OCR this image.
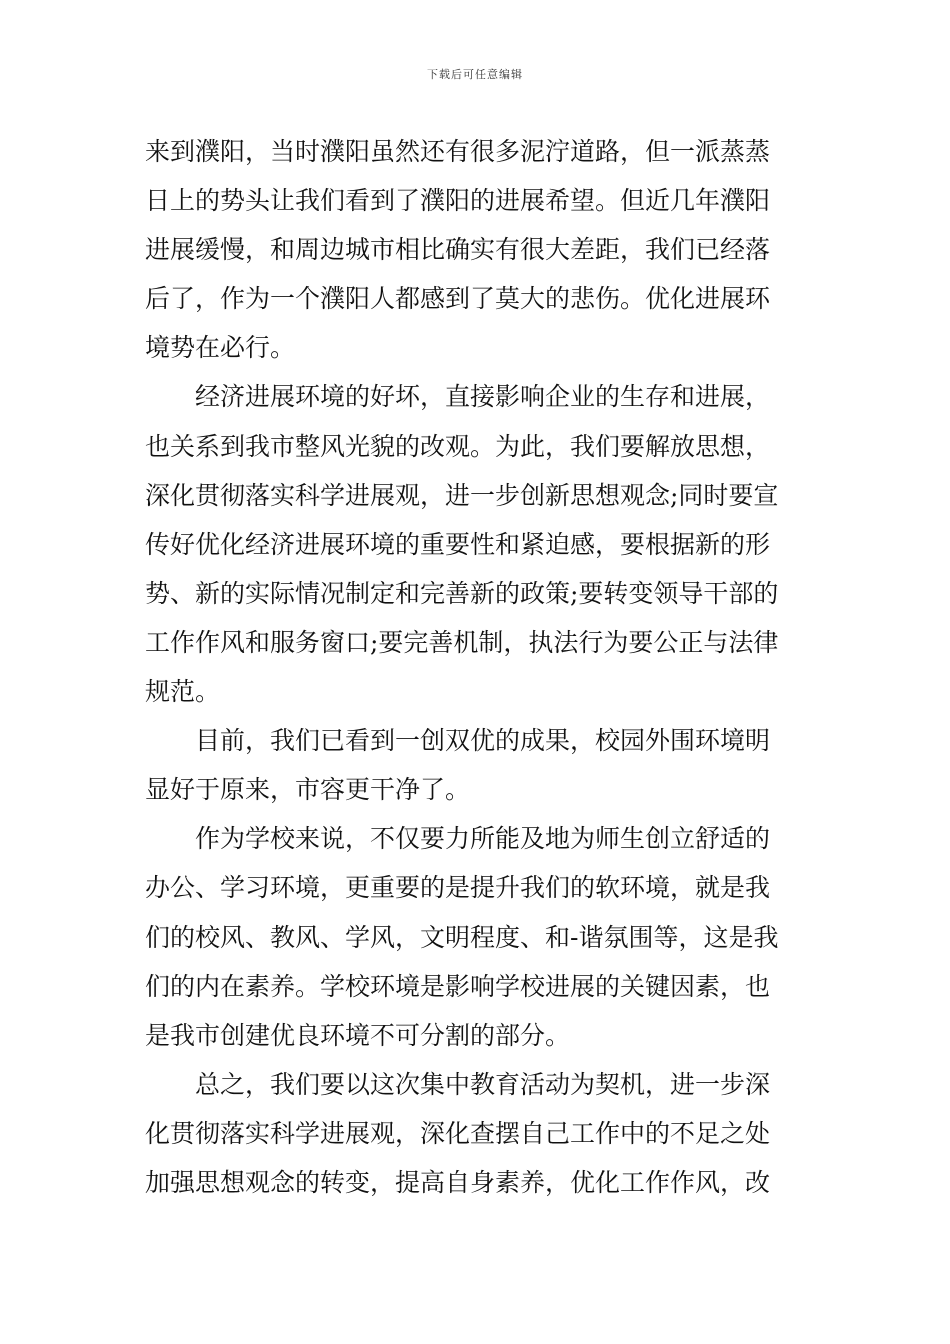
下载后可任意编辑
来到濮阳，当时濮阳虽然还有很多泥泞道路，但一派蒸蒸
日上的势头让我们看到了濮阳的进展希望。但近几年濮阳
进展缓慢，和周边城市相比确实有很大差距，我们已经落
后了，作为一个濮阳人都感到了莫大的悲伤。优化进展环
境势在必行。
经济进展环境的好坏，直接影响企业的生存和进展，
也关系到我市整风光貌的改观。为此，我们要解放思想，
深化贯彻落实科学进展观，进一步创新思想观念;同时要宣
传好优化经济进展环境的重要性和紧迫感，要根据新的形
势、新的实际情况制定和完善新的政策;要转变领导干部的
工作作风和服务窗口;要完善机制，执法行为要公正与法律
规范。
目前，我们已看到一创双优的成果，校园外围环境明
显好于原来，市容更干净了。
作为学校来说，不仅要力所能及地为师生创立舒适的
办公、学习环境，更重要的是提升我们的软环境，就是我
们的校风、教风、学风，文明程度、和-谐氛围等，这是我
们的内在素养。学校环境是影响学校进展的关键因素，也
是我市创建优良环境不可分割的部分。
总之，我们要以这次集中教育活动为契机，进一步深
化贯彻落实科学进展观，深化查摆自己工作中的不足之处
加强思想观念的转变，提高自身素养，优化工作作风，改
